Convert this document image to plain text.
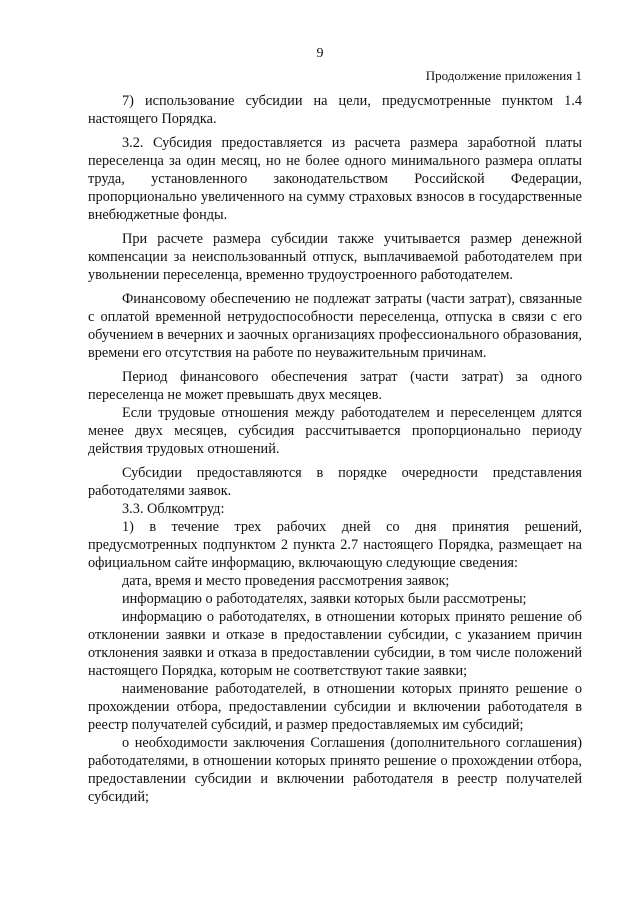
9
Продолжение приложения 1

7) использование субсидии на цели, предусмотренные пунктом 1.4 настоящего Порядка.

3.2. Субсидия предоставляется из расчета размера заработной платы переселенца за один месяц, но не более одного минимального размера оплаты труда, установленного законодательством Российской Федерации, пропорционально увеличенного на сумму страховых взносов в государственные внебюджетные фонды.

При расчете размера субсидии также учитывается размер денежной компенсации за неиспользованный отпуск, выплачиваемой работодателем при увольнении переселенца, временно трудоустроенного работодателем.

Финансовому обеспечению не подлежат затраты (части затрат), связанные с оплатой временной нетрудоспособности переселенца, отпуска в связи с его обучением в вечерних и заочных организациях профессионального образования, времени его отсутствия на работе по неуважительным причинам.

Период финансового обеспечения затрат (части затрат) за одного переселенца не может превышать двух месяцев.

Если трудовые отношения между работодателем и переселенцем длятся менее двух месяцев, субсидия рассчитывается пропорционально периоду действия трудовых отношений.

Субсидии предоставляются в порядке очередности представления работодателями заявок.

3.3. Облкомтруд:

1) в течение трех рабочих дней со дня принятия решений, предусмотренных подпунктом 2 пункта 2.7 настоящего Порядка, размещает на официальном сайте информацию, включающую следующие сведения:

дата, время и место проведения рассмотрения заявок;

информацию о работодателях, заявки которых были рассмотрены;

информацию о работодателях, в отношении которых принято решение об отклонении заявки и отказе в предоставлении субсидии, с указанием причин отклонения заявки и отказа в предоставлении субсидии, в том числе положений настоящего Порядка, которым не соответствуют такие заявки;

наименование работодателей, в отношении которых принято решение о прохождении отбора, предоставлении субсидии и включении работодателя в реестр получателей субсидий, и размер предоставляемых им субсидий;

о необходимости заключения Соглашения (дополнительного соглашения) работодателями, в отношении которых принято решение о прохождении отбора, предоставлении субсидии и включении работодателя в реестр получателей субсидий;
